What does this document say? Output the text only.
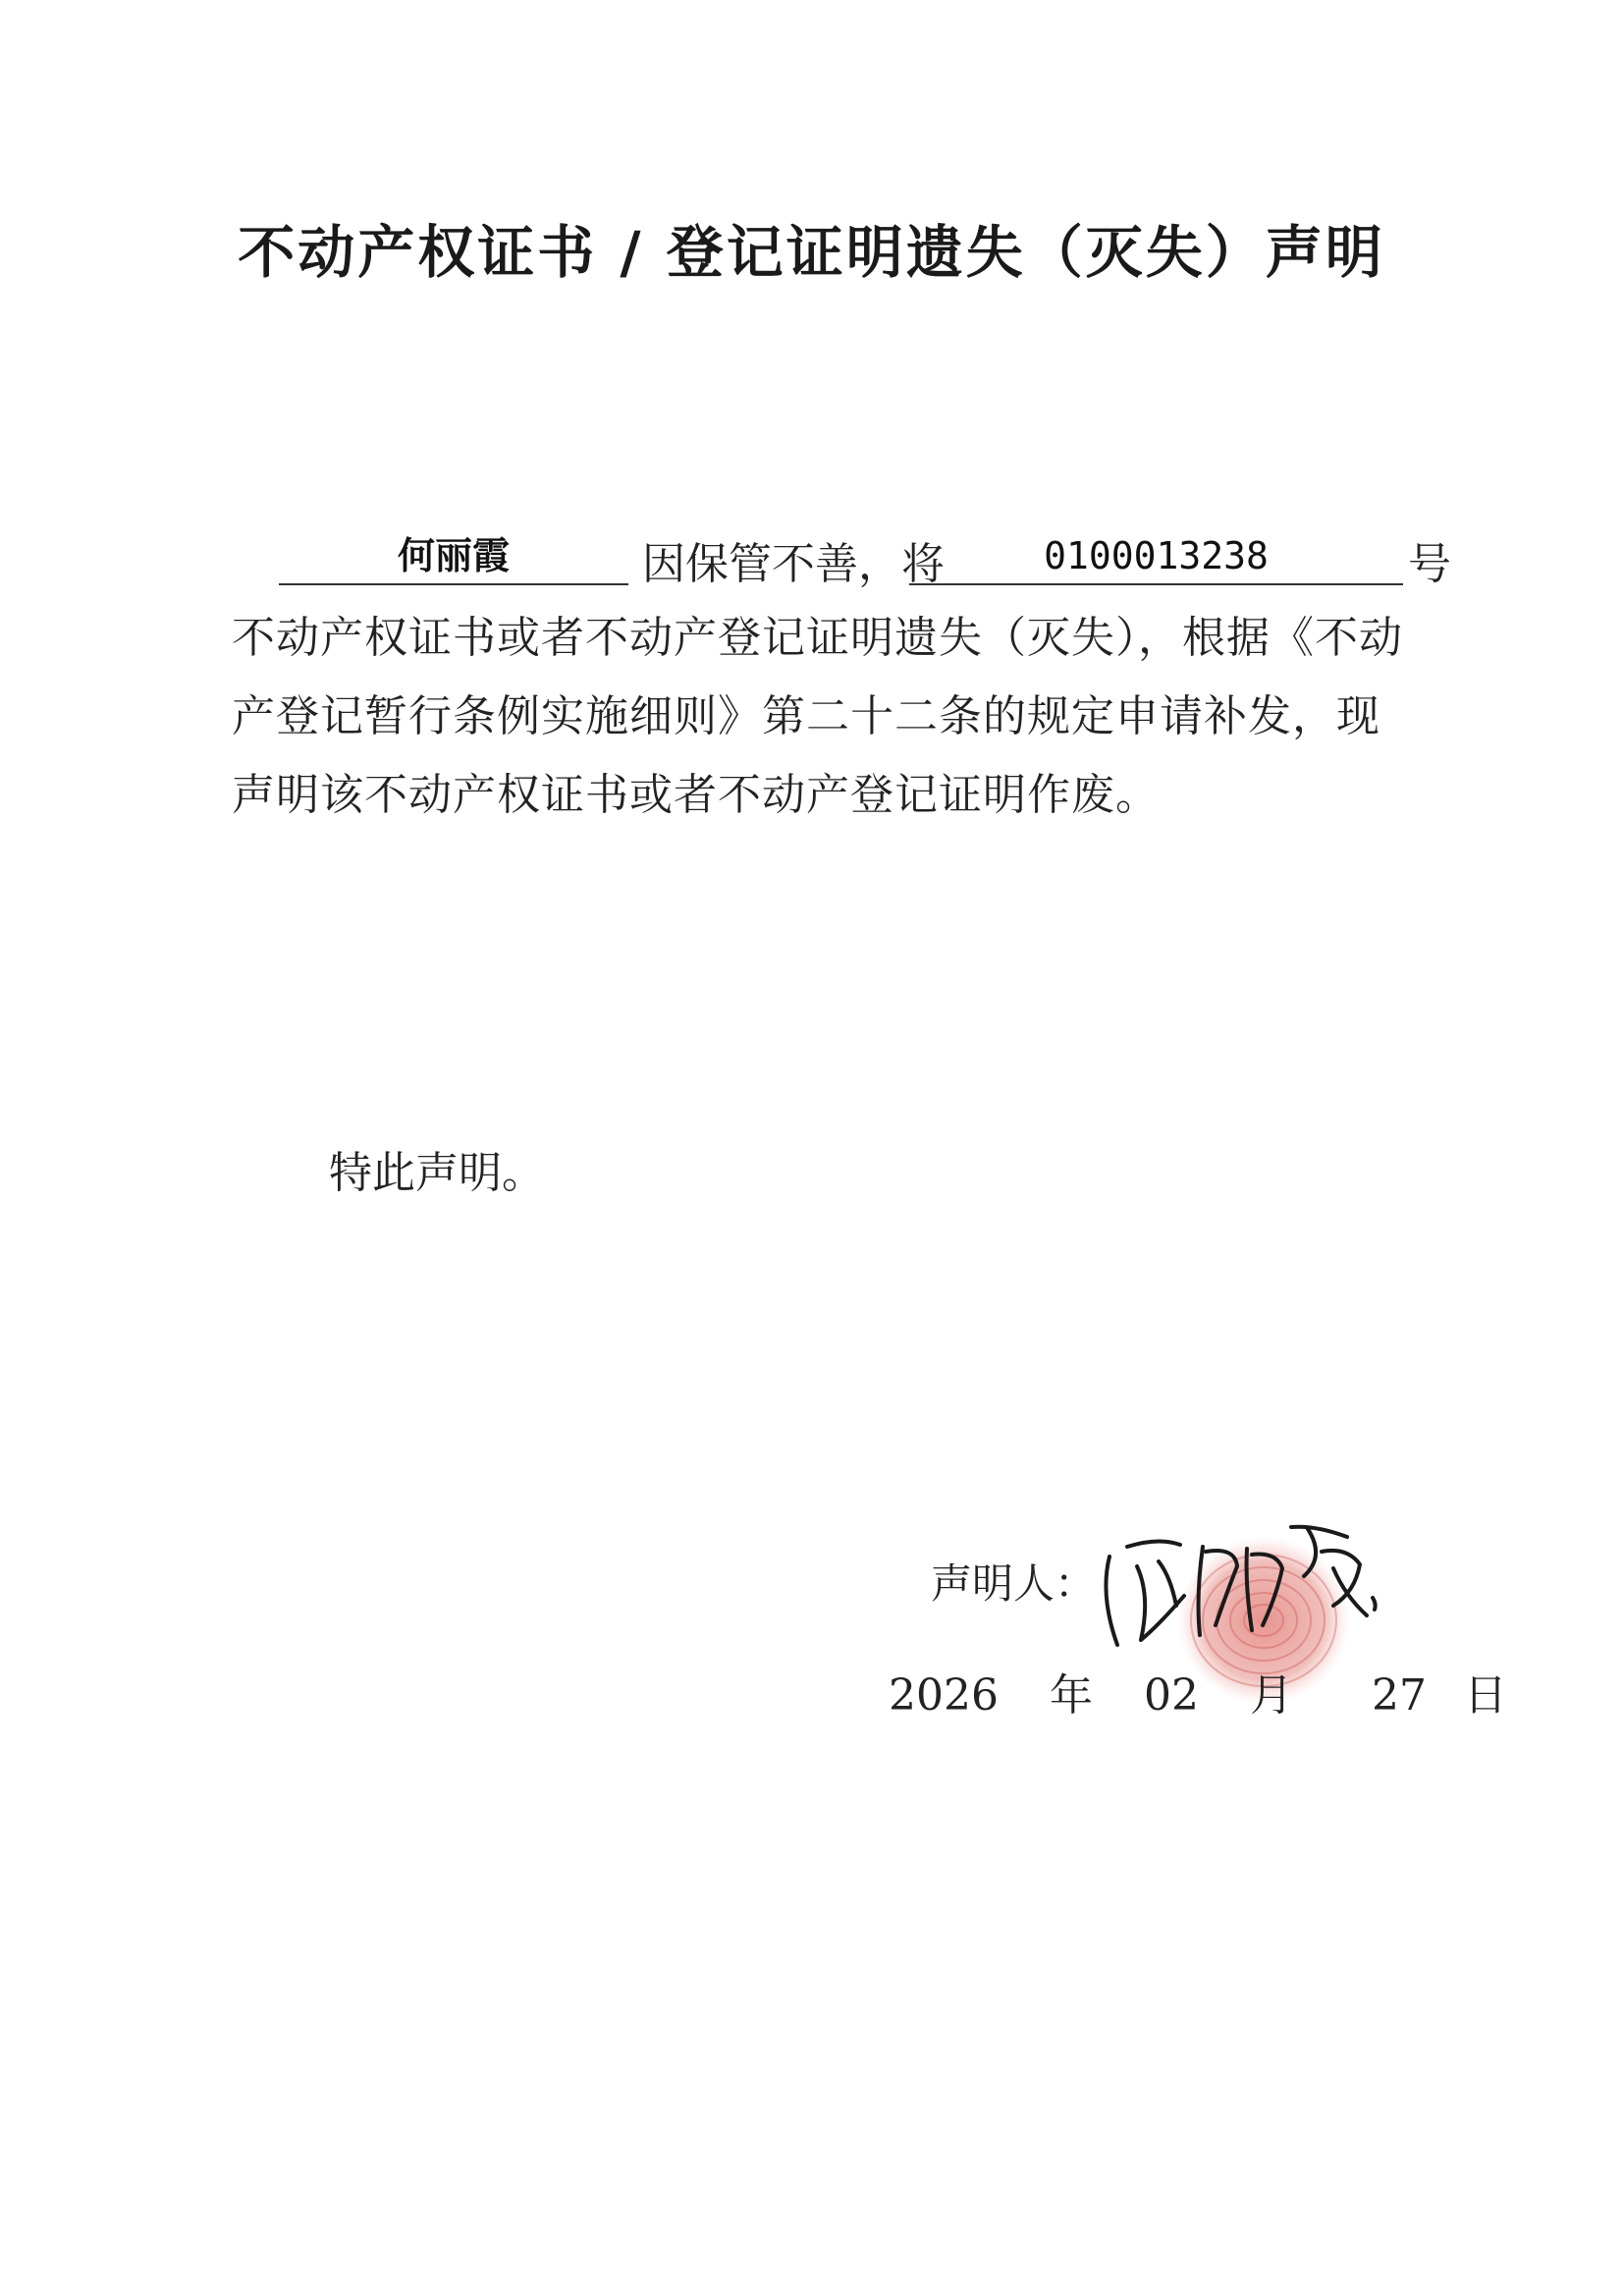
不动产权证书 / 登记证明遗失（灭失）声明
何丽霞	因保管不善，将	0100013238	号
不动产权证书或者不动产登记证明遗失（灭失），根据《不动产登记暂行条例实施细则》第二十二条的规定申请补发，现声明该不动产权证书或者不动产登记证明作废。
特此声明。
声明人：
2026 年 02 月 27 日
